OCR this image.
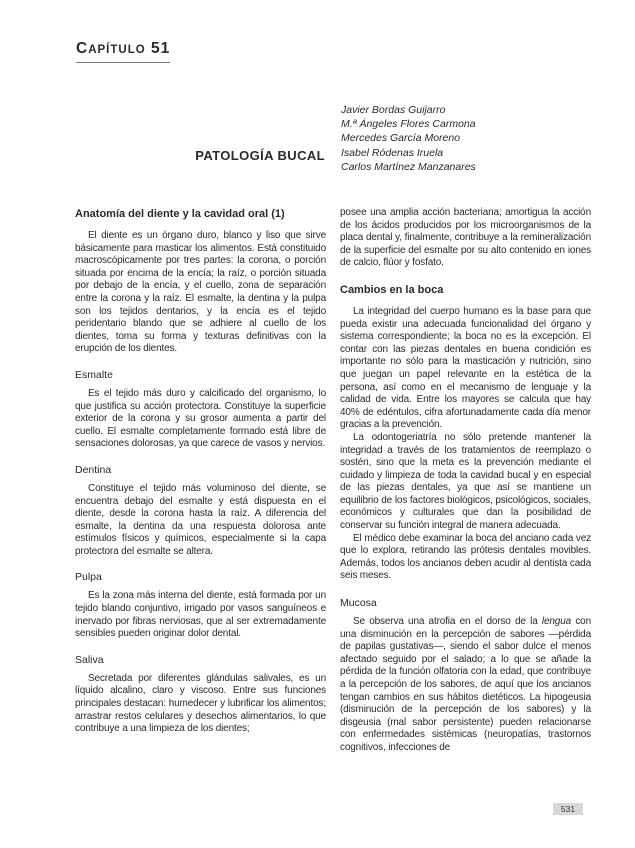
CAPÍTULO 51
PATOLOGÍA BUCAL
Javier Bordas Guijarro
M.ª Ángeles Flores Carmona
Mercedes García Moreno
Isabel Ródenas Iruela
Carlos Martínez Manzanares
Anatomía del diente y la cavidad oral (1)

El diente es un órgano duro, blanco y liso que sirve básicamente para masticar los alimentos. Está constituido macroscópicamente por tres partes: la corona, o porción situada por encima de la encía; la raíz, o porción situada por debajo de la encía, y el cuello, zona de separación entre la corona y la raíz. El esmalte, la dentina y la pulpa son los tejidos dentarios, y la encía es el tejido peridentario blando que se adhiere al cuello de los dientes, toma su forma y texturas definitivas con la erupción de los dientes.

Esmalte

Es el tejido más duro y calcificado del organismo, lo que justifica su acción protectora. Constituye la superficie exterior de la corona y su grosor aumenta a partir del cuello. El esmalte completamente formado está libre de sensaciones dolorosas, ya que carece de vasos y nervios.

Dentina

Constituye el tejido más voluminoso del diente, se encuentra debajo del esmalte y está dispuesta en el diente, desde la corona hasta la raíz. A diferencia del esmalte, la dentina da una respuesta dolorosa ante estímulos físicos y químicos, especialmente si la capa protectora del esmalte se altera.

Pulpa

Es la zona más interna del diente, está formada por un tejido blando conjuntivo, irrigado por vasos sanguíneos e inervado por fibras nerviosas, que al ser extremadamente sensibles pueden originar dolor dental.

Saliva

Secretada por diferentes glándulas salivales, es un líquido alcalino, claro y viscoso. Entre sus funciones principales destacan: humedecer y lubrificar los alimentos; arrastrar restos celulares y desechos alimentarios, lo que contribuye a una limpieza de los dientes;

posee una amplia acción bacteriana; amortigua la acción de los ácidos producidos por los microorganismos de la placa dental y, finalmente, contribuye a la remineralización de la superficie del esmalte por su alto contenido en iones de calcio, flúor y fosfato.

Cambios en la boca

La integridad del cuerpo humano es la base para que pueda existir una adecuada funcionalidad del órgano y sistema correspondiente; la boca no es la excepción. El contar con las piezas dentales en buena condición es importante no sólo para la masticación y nutrición, sino que juegan un papel relevante en la estética de la persona, así como en el mecanismo de lenguaje y la calidad de vida. Entre los mayores se calcula que hay 40% de edéntulos, cifra afortunadamente cada día menor gracias a la prevención.

La odontogeriatría no sólo pretende mantener la integridad a través de los tratamientos de reemplazo o sostén, sino que la meta es la prevención mediante el cuidado y limpieza de toda la cavidad bucal y en especial de las piezas dentales, ya que así se mantiene un equilibrio de los factores biológicos, psicológicos, sociales, económicos y culturales que dan la posibilidad de conservar su función integral de manera adecuada.

El médico debe examinar la boca del anciano cada vez que lo explora, retirando las prótesis dentales movibles. Además, todos los ancianos deben acudir al dentista cada seis meses.

Mucosa

Se observa una atrofia en el dorso de la lengua con una disminución en la percepción de sabores —pérdida de papilas gustativas—, siendo el sabor dulce el menos afectado seguido por el salado; a lo que se añade la pérdida de la función olfatoria con la edad, que contribuye a la percepción de los sabores, de aquí que los ancianos tengan cambios en sus hábitos dietéticos. La hipogeusia (disminución de la percepción de los sabores) y la disgeusia (mal sabor persistente) pueden relacionarse con enfermedades sistémicas (neuropatías, trastornos cognitivos, infecciones de

531
